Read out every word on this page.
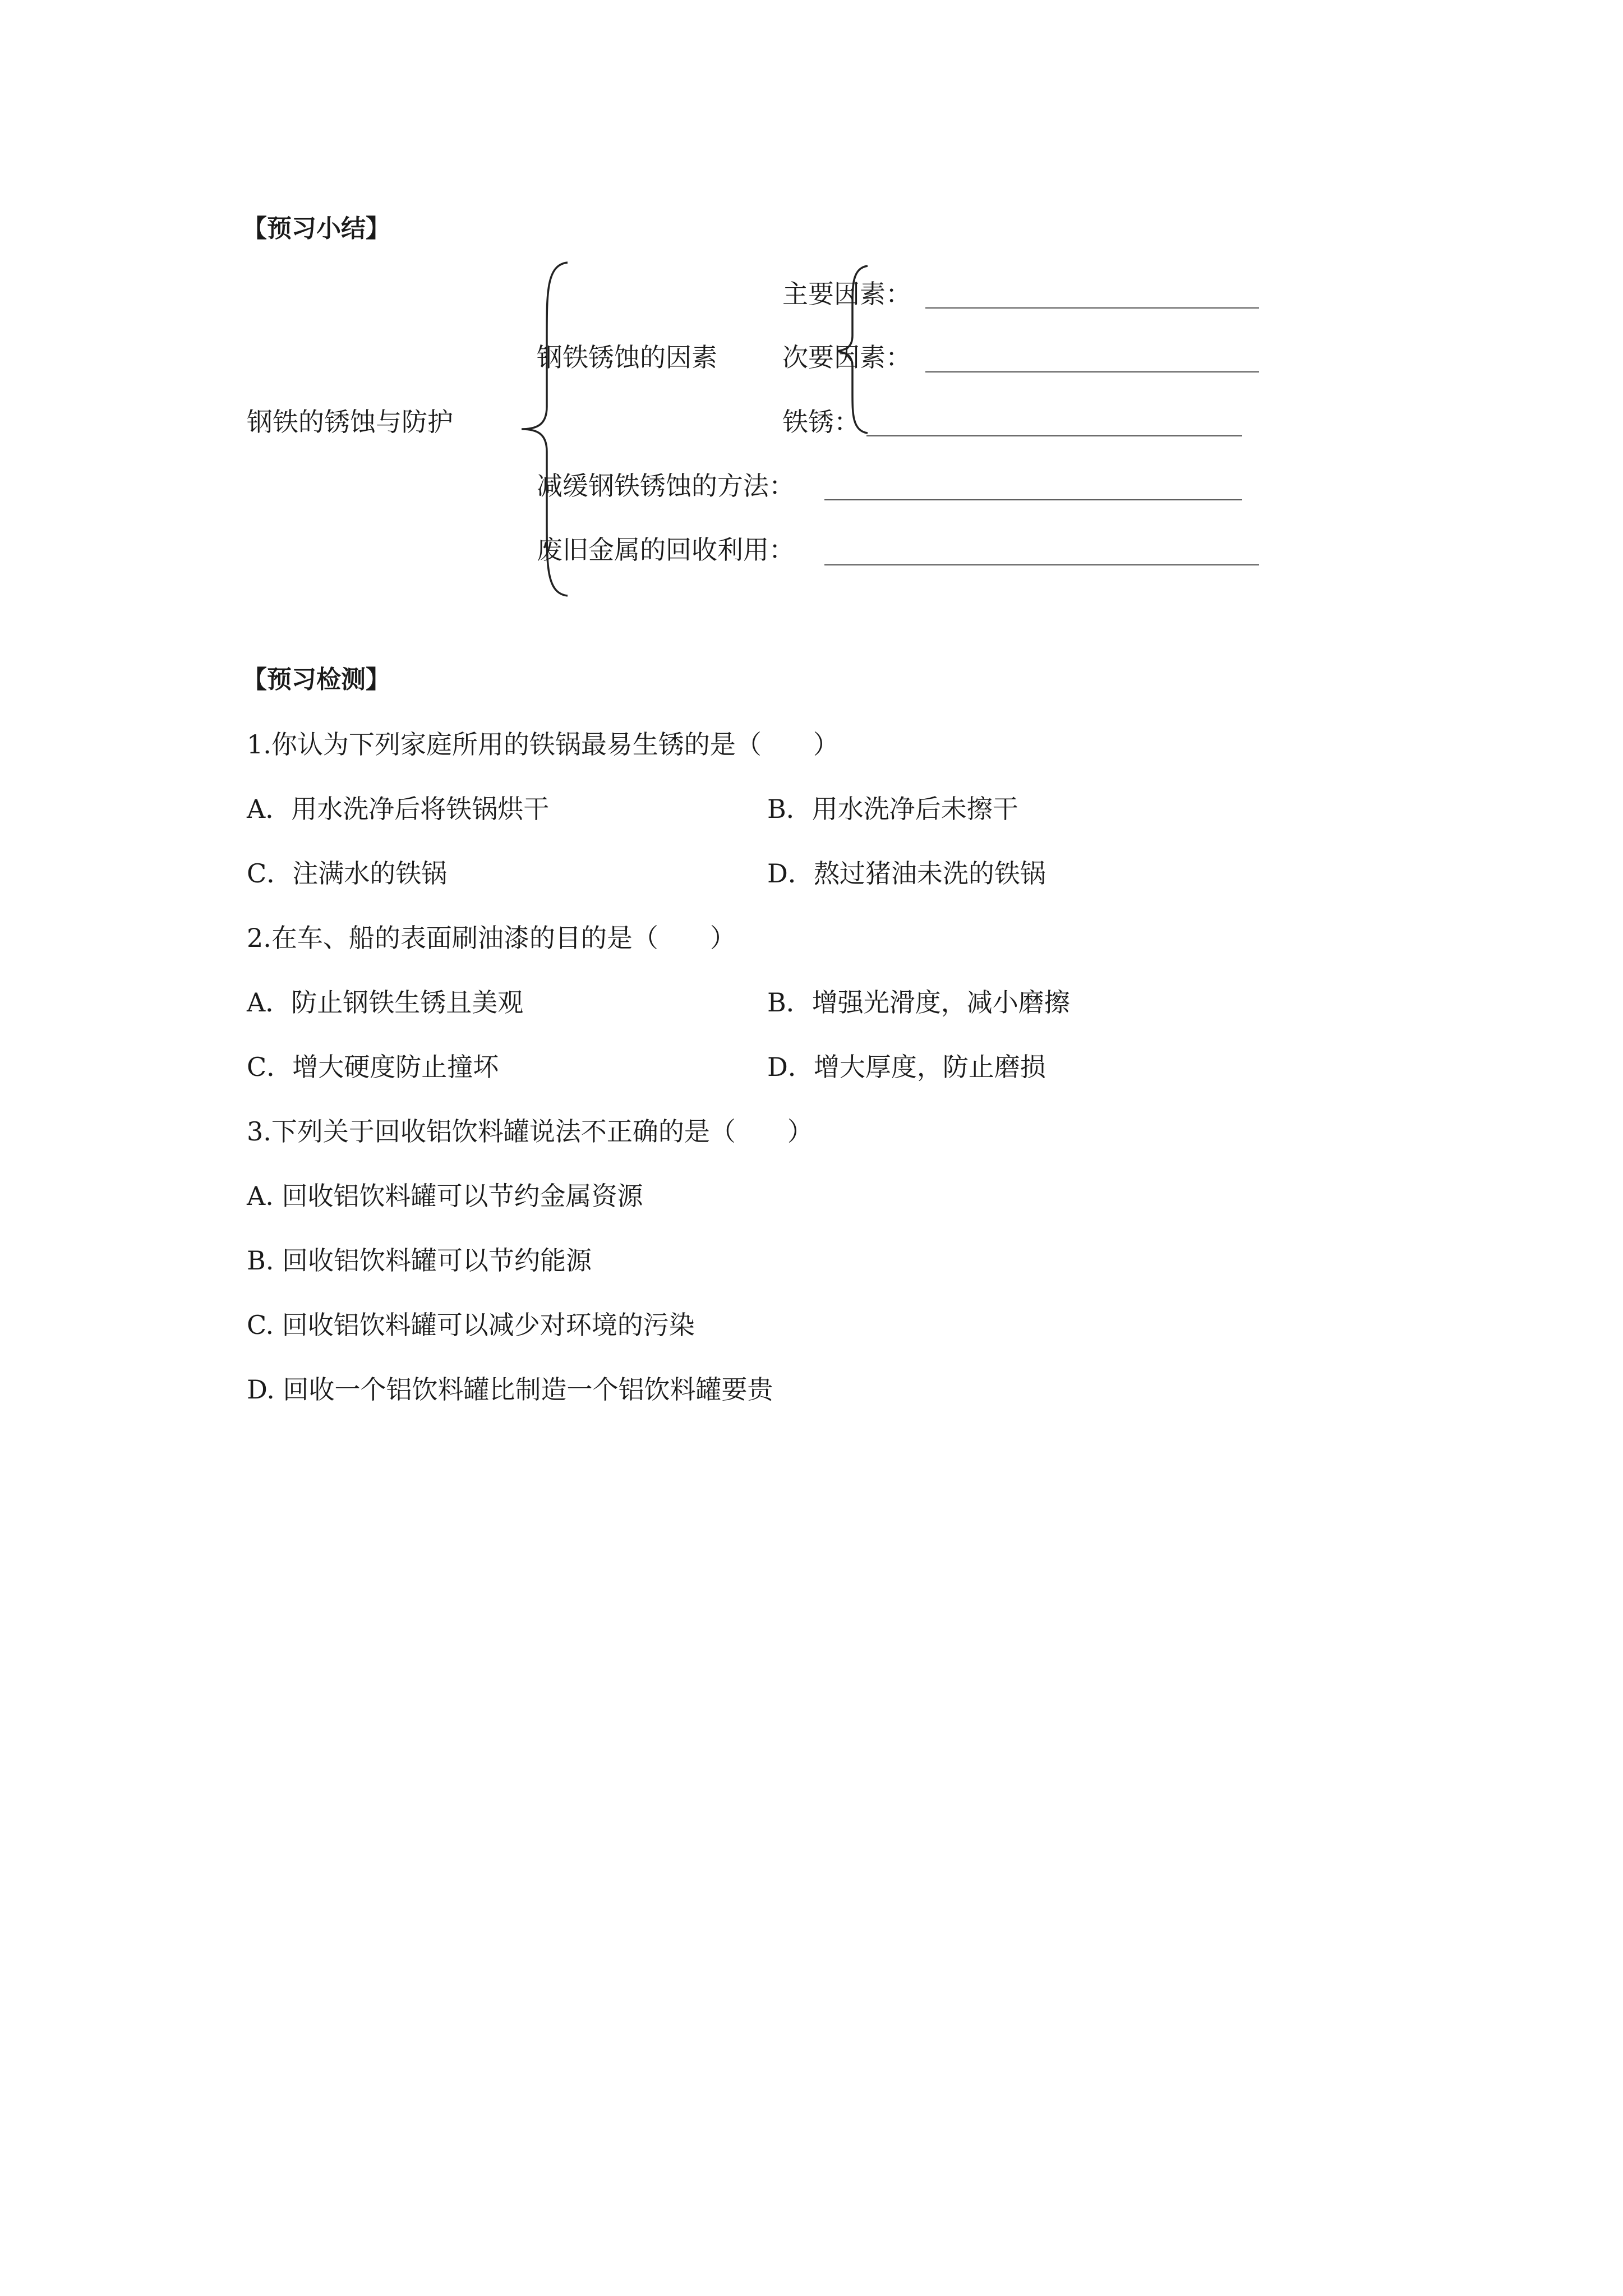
【预习小结】
钢铁的锈蚀与防护
钢铁锈蚀的因素
主要因素：
次要因素：
铁锈：
减缓钢铁锈蚀的方法：
废旧金属的回收利用：
【预习检测】
1.你认为下列家庭所用的铁锅最易生锈的是（　　）
A．用水洗净后将铁锅烘干	B．用水洗净后未擦干
C．注满水的铁锅	D．熬过猪油未洗的铁锅
2.在车、船的表面刷油漆的目的是（　　）
A．防止钢铁生锈且美观	B．增强光滑度，减小磨擦
C．增大硬度防止撞坏	D．增大厚度，防止磨损
3.下列关于回收铝饮料罐说法不正确的是（　　）
A. 回收铝饮料罐可以节约金属资源
B. 回收铝饮料罐可以节约能源
C. 回收铝饮料罐可以减少对环境的污染
D. 回收一个铝饮料罐比制造一个铝饮料罐要贵
